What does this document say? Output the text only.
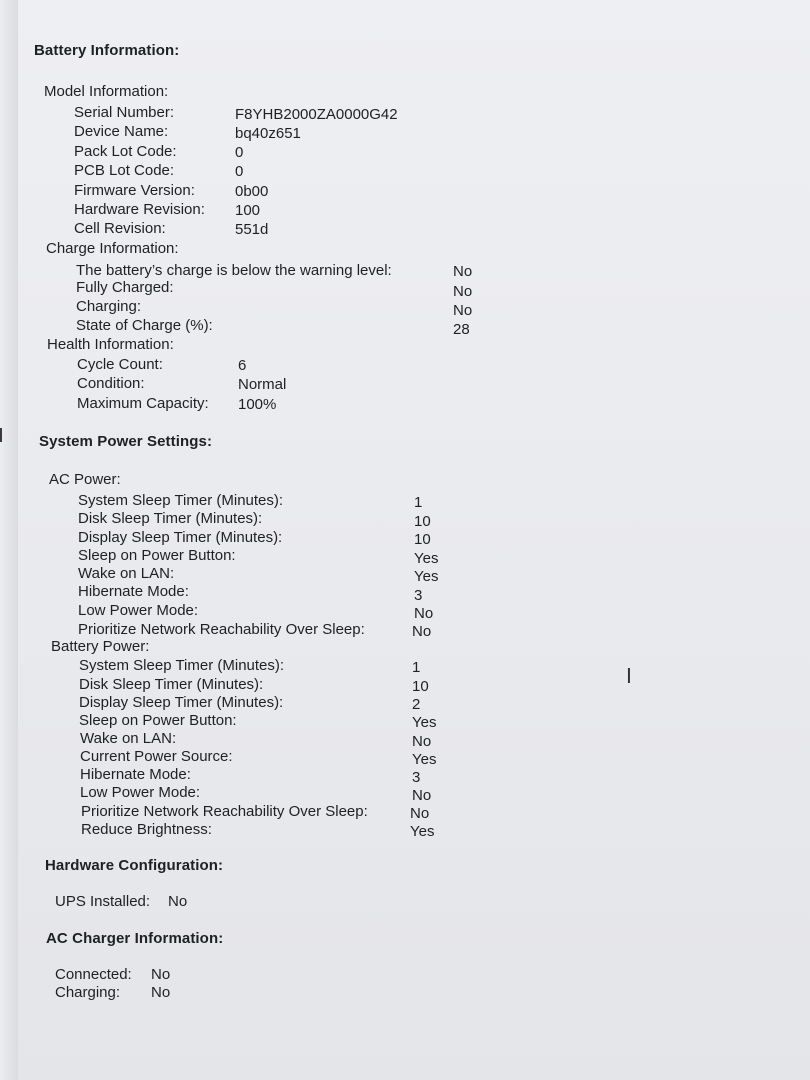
Battery Information:
Model Information:
Serial Number:	F8YHB2000ZA0000G42
Device Name:	bq40z651
Pack Lot Code:	0
PCB Lot Code:	0
Firmware Version:	0b00
Hardware Revision: 100
Cell Revision:	551d
Charge Information:
The battery’s charge is below the warning level:	No
Fully Charged:	No
Charging:	No
State of Charge (%):	28
Health Information:
Cycle Count:	6
Condition:	Normal
Maximum Capacity: 100%
System Power Settings:
AC Power:
System Sleep Timer (Minutes):	1
Disk Sleep Timer (Minutes):	10
Display Sleep Timer (Minutes):	10
Sleep on Power Button:	Yes
Wake on LAN:	Yes
Hibernate Mode:	3
Low Power Mode:	No
Prioritize Network Reachability Over Sleep:	No
Battery Power:
System Sleep Timer (Minutes):	1
Disk Sleep Timer (Minutes):	10
Display Sleep Timer (Minutes):	2
Sleep on Power Button:	Yes
Wake on LAN:	No
Current Power Source:	Yes
Hibernate Mode:	3
Low Power Mode:	No
Prioritize Network Reachability Over Sleep:	No
Reduce Brightness:	Yes
Hardware Configuration:
UPS Installed: No
AC Charger Information:
Connected: No
Charging: No
I
